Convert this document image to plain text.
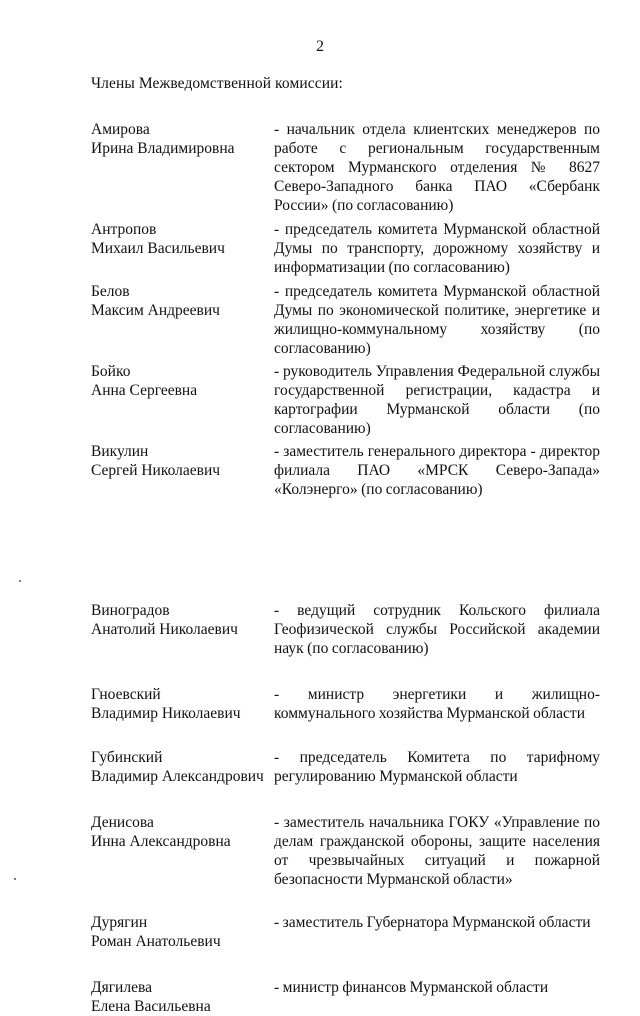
2
Члены Межведомственной комиссии:
Амирова
Ирина Владимировна
- начальник отдела клиентских менеджеров по работе с региональным государственным сектором Мурманского отделения № 8627 Северо-Западного банка ПАО «Сбербанк России» (по согласованию)
Антропов
Михаил Васильевич
- председатель комитета Мурманской областной Думы по транспорту, дорожному хозяйству и информатизации (по согласованию)
Белов
Максим Андреевич
- председатель комитета Мурманской областной Думы по экономической политике, энергетике и жилищно-коммунальному хозяйству (по согласованию)
Бойко
Анна Сергеевна
- руководитель Управления Федеральной службы государственной регистрации, кадастра и картографии Мурманской области (по согласованию)
Викулин
Сергей Николаевич
- заместитель генерального директора - директор филиала ПАО «МРСК Северо-Запада» «Колэнерго» (по согласованию)
Виноградов
Анатолий Николаевич
- ведущий сотрудник Кольского филиала Геофизической службы Российской академии наук (по согласованию)
Гноевский
Владимир Николаевич
- министр энергетики и жилищно-коммунального хозяйства Мурманской области
Губинский
Владимир Александрович
- председатель Комитета по тарифному регулированию Мурманской области
Денисова
Инна Александровна
- заместитель начальника ГОКУ «Управление по делам гражданской обороны, защите населения от чрезвычайных ситуаций и пожарной безопасности Мурманской области»
Дурягин
Роман Анатольевич
- заместитель Губернатора Мурманской области
Дягилева
Елена Васильевна
- министр финансов Мурманской области
